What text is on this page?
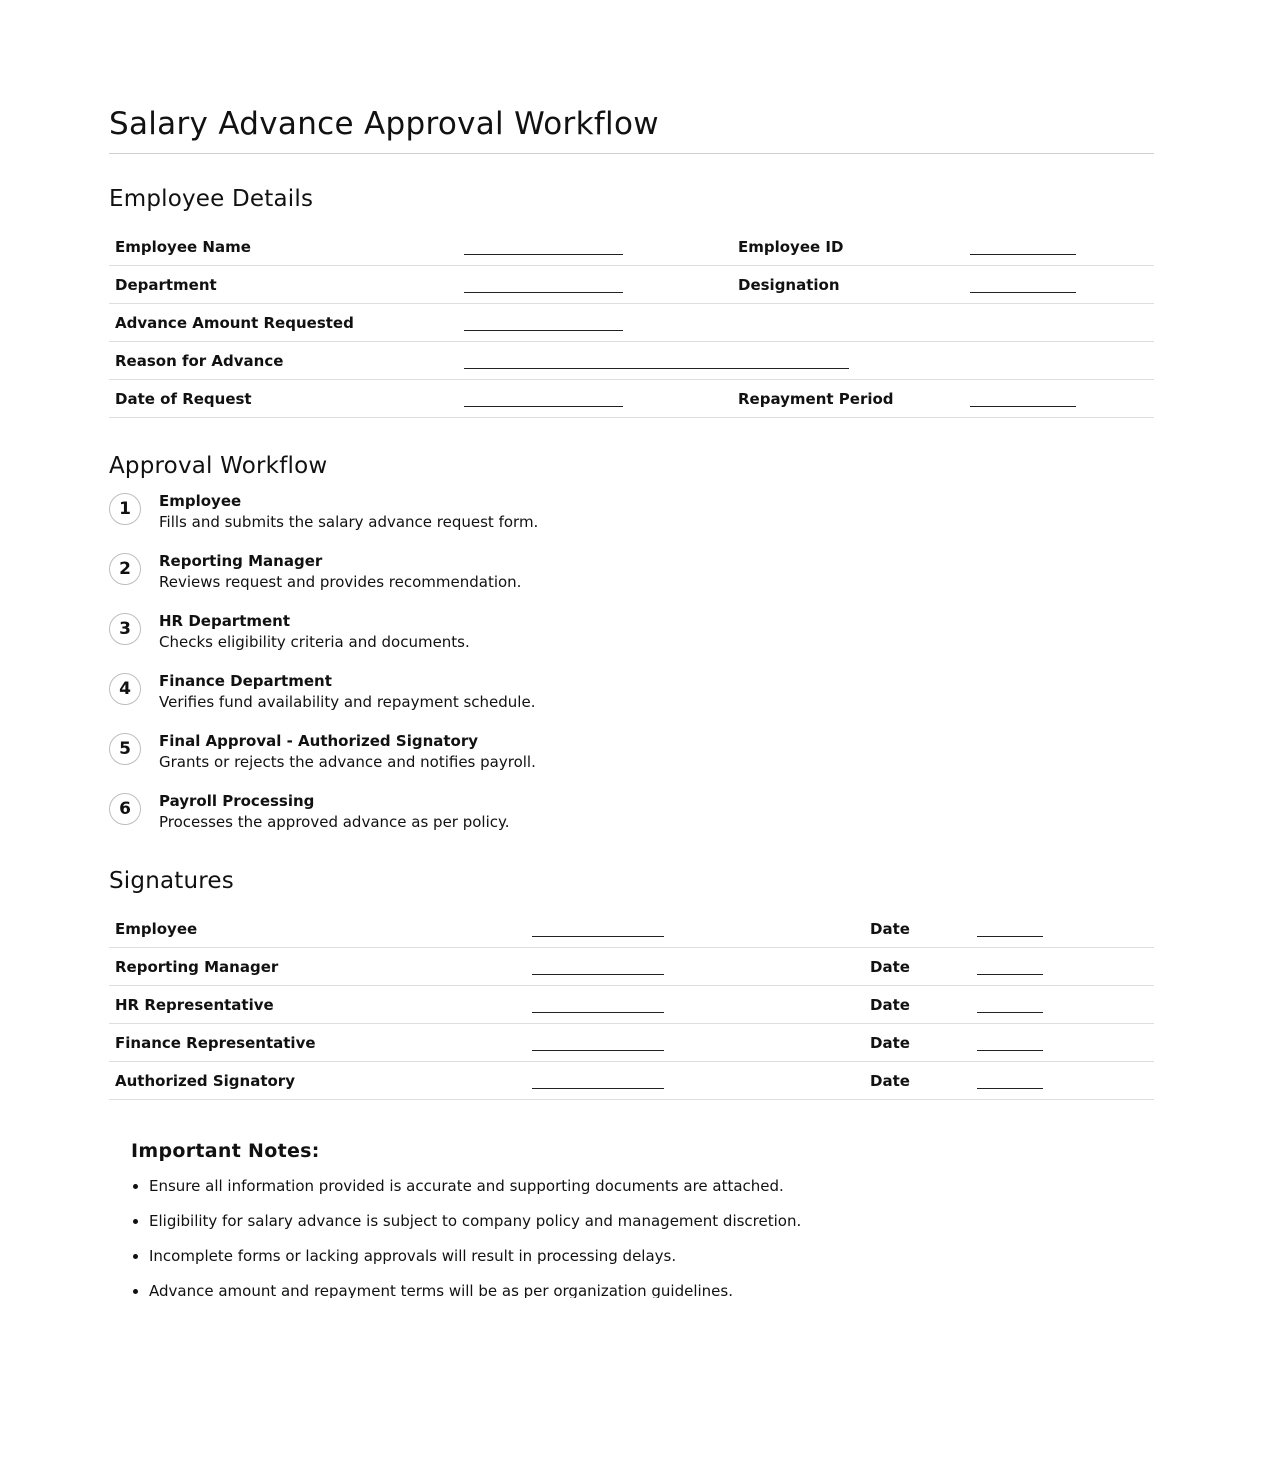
Salary Advance Approval Workflow
Employee Details
Employee Name		Employee ID	
Department		Designation	
Advance Amount Requested			
Reason for Advance			
Date of Request		Repayment Period	
Approval Workflow
1	Employee
Fills and submits the salary advance request form.
2	Reporting Manager
Reviews request and provides recommendation.
3	HR Department
Checks eligibility criteria and documents.
4	Finance Department
Verifies fund availability and repayment schedule.
5	Final Approval - Authorized Signatory
Grants or rejects the advance and notifies payroll.
6	Payroll Processing
Processes the approved advance as per policy.
Signatures
Employee		Date	
Reporting Manager		Date	
HR Representative		Date	
Finance Representative		Date	
Authorized Signatory		Date	
Important Notes:
• Ensure all information provided is accurate and supporting documents are attached.
• Eligibility for salary advance is subject to company policy and management discretion.
• Incomplete forms or lacking approvals will result in processing delays.
• Advance amount and repayment terms will be as per organization guidelines.
